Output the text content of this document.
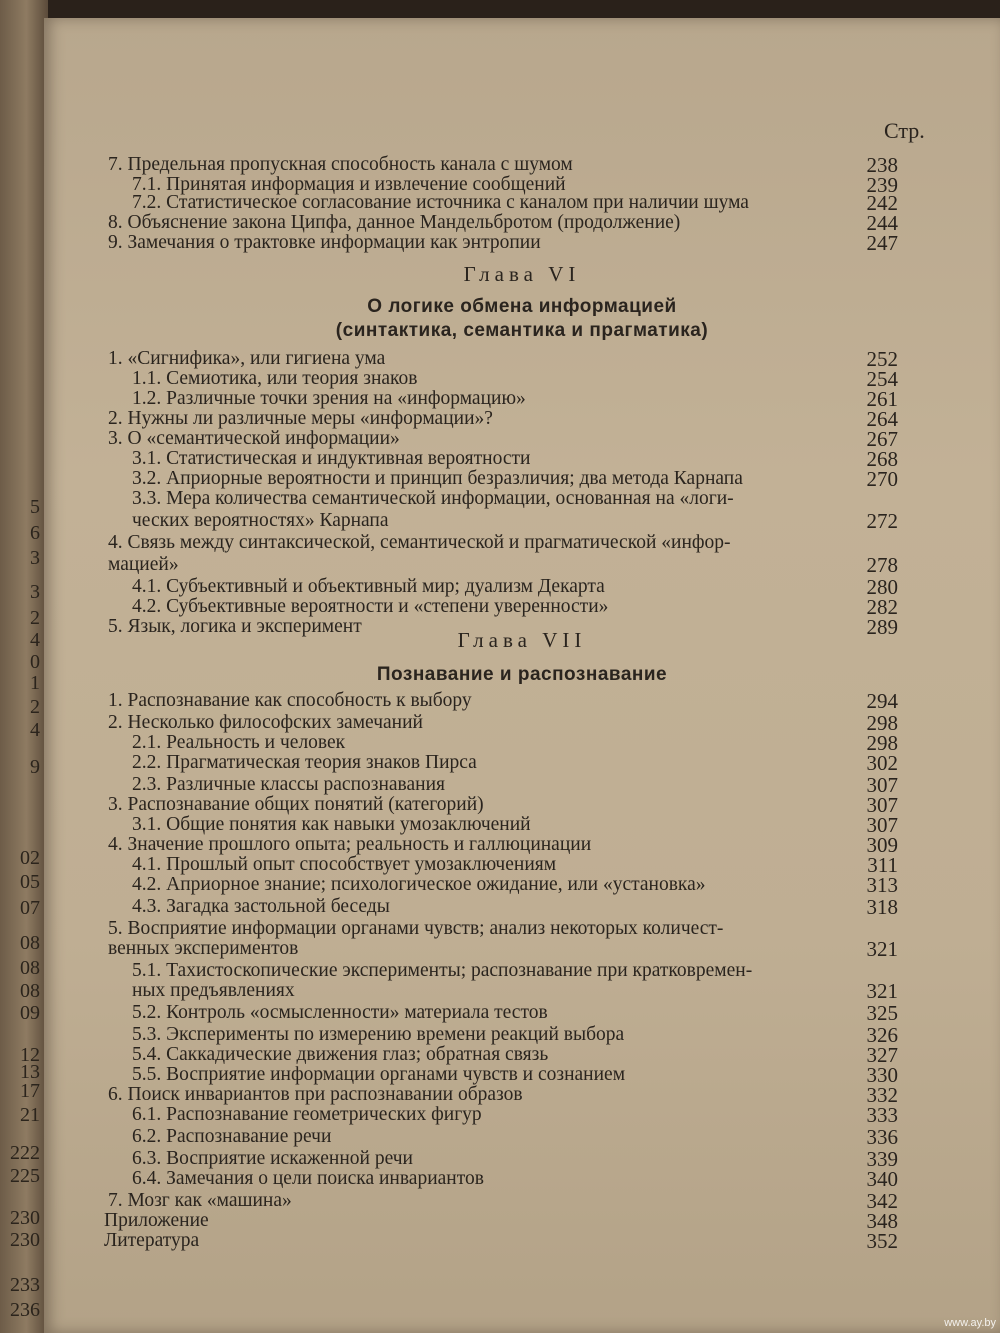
5
6
3
3
2
4
0
1
2
4
9
02
05
07
08
08
08
09
12
13
17
21
222
225
230
230
233
236
Стр.
7. Предельная пропускная способность канала с шумом	238
7.1. Принятая информация и извлечение сообщений	239
7.2. Статистическое согласование источника с каналом при наличии шума	242
8. Объяснение закона Ципфа, данное Мандельбротом (продолжение)	244
9. Замечания о трактовке информации как энтропии	247
Глава VI
О логике обмена информацией
(синтактика, семантика и прагматика)
1. «Сигнифика», или гигиена ума	252
1.1. Семиотика, или теория знаков	254
1.2. Различные точки зрения на «информацию»	261
2. Нужны ли различные меры «информации»?	264
3. О «семантической информации»	267
3.1. Статистическая и индуктивная вероятности	268
3.2. Априорные вероятности и принцип безразличия; два метода Карнапа	270
3.3. Мера количества семантической информации, основанная на «логи-
ческих вероятностях» Карнапа	272
4. Связь между синтаксической, семантической и прагматической «инфор-
мацией»	278
4.1. Субъективный и объективный мир; дуализм Декарта	280
4.2. Субъективные вероятности и «степени уверенности»	282
5. Язык, логика и эксперимент	289
Глава VII
Познавание и распознавание
1. Распознавание как способность к выбору	294
2. Несколько философских замечаний	298
2.1. Реальность и человек	298
2.2. Прагматическая теория знаков Пирса	302
2.3. Различные классы распознавания	307
3. Распознавание общих понятий (категорий)	307
3.1. Общие понятия как навыки умозаключений	307
4. Значение прошлого опыта; реальность и галлюцинации	309
4.1. Прошлый опыт способствует умозаключениям	311
4.2. Априорное знание; психологическое ожидание, или «установка»	313
4.3. Загадка застольной беседы	318
5. Восприятие информации органами чувств; анализ некоторых количест-
венных экспериментов	321
5.1. Тахистоскопические эксперименты; распознавание при кратковремен-
ных предъявлениях	321
5.2. Контроль «осмысленности» материала тестов	325
5.3. Эксперименты по измерению времени реакций выбора	326
5.4. Саккадические движения глаз; обратная связь	327
5.5. Восприятие информации органами чувств и сознанием	330
6. Поиск инвариантов при распознавании образов	332
6.1. Распознавание геометрических фигур	333
6.2. Распознавание речи	336
6.3. Восприятие искаженной речи	339
6.4. Замечания о цели поиска инвариантов	340
7. Мозг как «машина»	342
Приложение	348
Литература	352
www.ay.by
